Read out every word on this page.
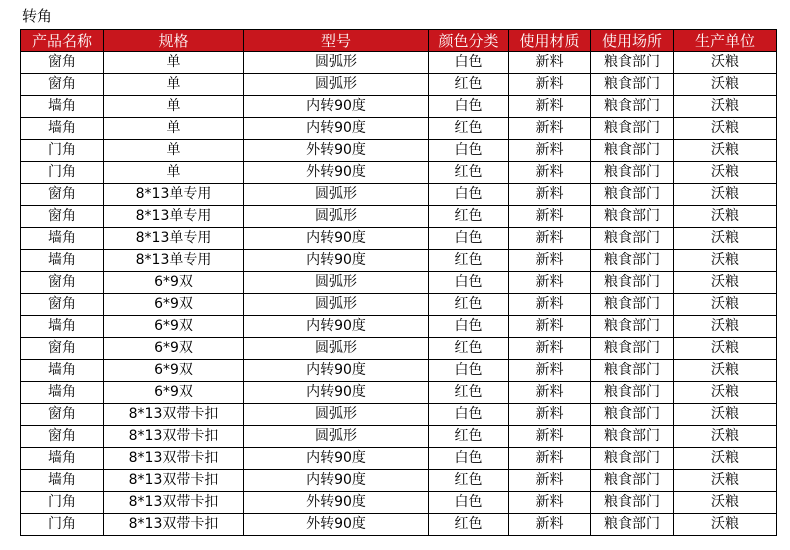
转角
产品名称	规格	型号	颜色分类	使用材质	使用场所	生产单位
窗角	单	圆弧形	白色	新料	粮食部门	沃粮
窗角	单	圆弧形	红色	新料	粮食部门	沃粮
墙角	单	内转90度	白色	新料	粮食部门	沃粮
墙角	单	内转90度	红色	新料	粮食部门	沃粮
门角	单	外转90度	白色	新料	粮食部门	沃粮
门角	单	外转90度	红色	新料	粮食部门	沃粮
窗角	8*13单专用	圆弧形	白色	新料	粮食部门	沃粮
窗角	8*13单专用	圆弧形	红色	新料	粮食部门	沃粮
墙角	8*13单专用	内转90度	白色	新料	粮食部门	沃粮
墙角	8*13单专用	内转90度	红色	新料	粮食部门	沃粮
窗角	6*9双	圆弧形	白色	新料	粮食部门	沃粮
窗角	6*9双	圆弧形	红色	新料	粮食部门	沃粮
墙角	6*9双	内转90度	白色	新料	粮食部门	沃粮
窗角	6*9双	圆弧形	红色	新料	粮食部门	沃粮
墙角	6*9双	内转90度	白色	新料	粮食部门	沃粮
墙角	6*9双	内转90度	红色	新料	粮食部门	沃粮
窗角	8*13双带卡扣	圆弧形	白色	新料	粮食部门	沃粮
窗角	8*13双带卡扣	圆弧形	红色	新料	粮食部门	沃粮
墙角	8*13双带卡扣	内转90度	白色	新料	粮食部门	沃粮
墙角	8*13双带卡扣	内转90度	红色	新料	粮食部门	沃粮
门角	8*13双带卡扣	外转90度	白色	新料	粮食部门	沃粮
门角	8*13双带卡扣	外转90度	红色	新料	粮食部门	沃粮
